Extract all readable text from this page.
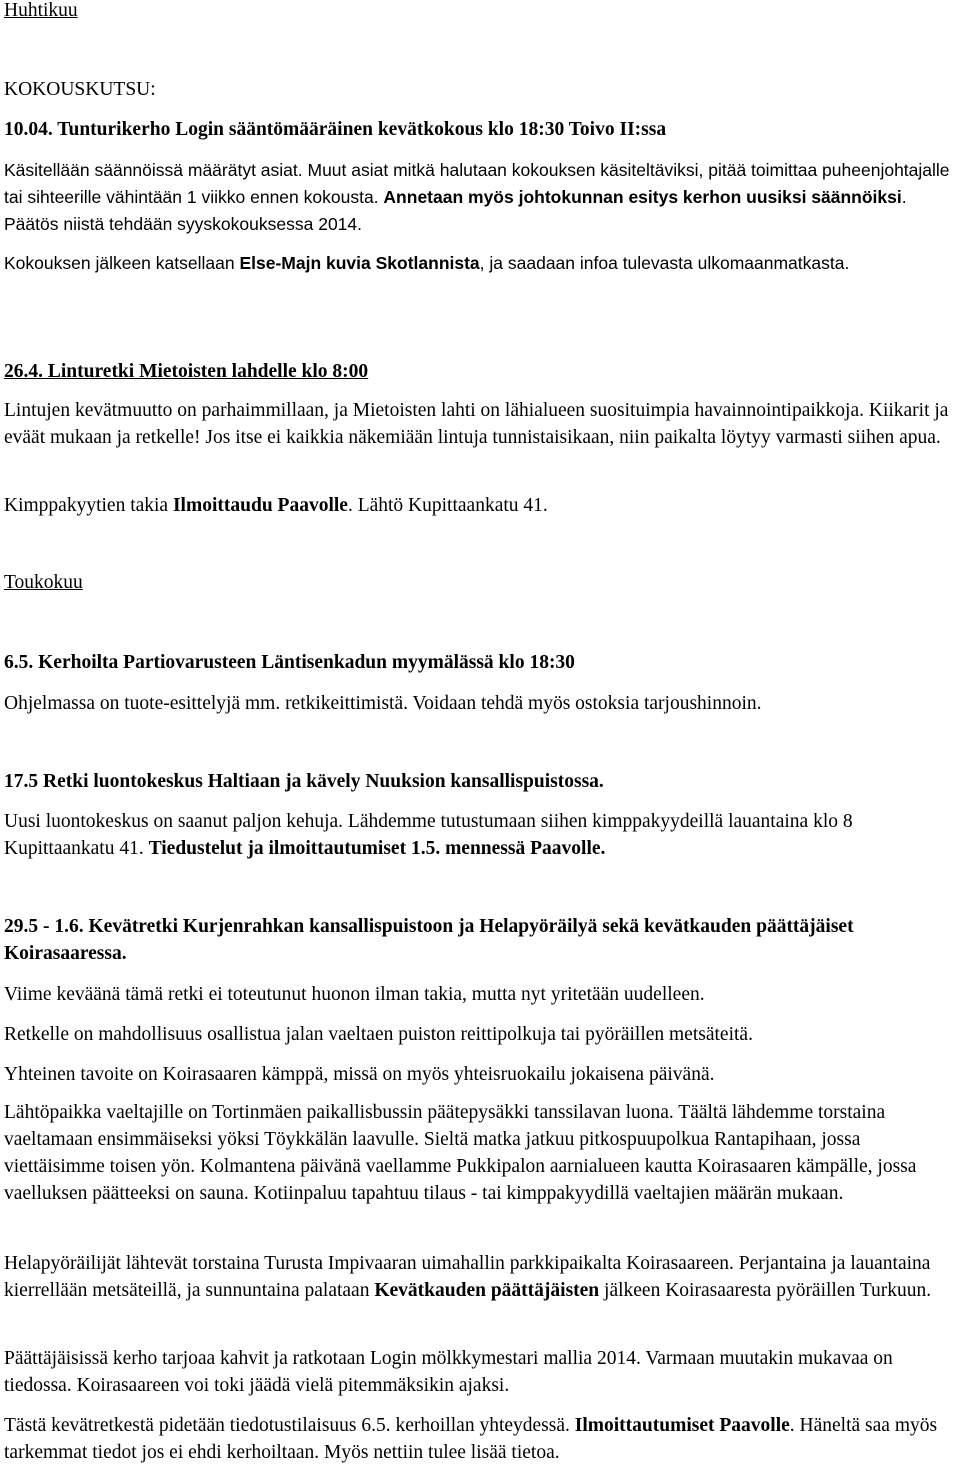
Huhtikuu

KOKOUSKUTSU:

10.04. Tunturikerho Login sääntömääräinen kevätkokous klo 18:30 Toivo II:ssa

Käsitellään säännöissä määrätyt asiat. Muut asiat mitkä halutaan kokouksen käsiteltäviksi, pitää toimittaa puheenjohtajalle tai sihteerille vähintään 1 viikko ennen kokousta. Annetaan myös johtokunnan esitys kerhon uusiksi säännöiksi. Päätös niistä tehdään syyskokouksessa 2014.

Kokouksen jälkeen katsellaan Else-Majn kuvia Skotlannista, ja saadaan infoa tulevasta ulkomaanmatkasta.

26.4. Linturetki Mietoisten lahdelle klo 8:00

Lintujen kevätmuutto on parhaimmillaan, ja Mietoisten lahti on lähialueen suosituimpia havainnointipaikkoja. Kiikarit ja eväät mukaan ja retkelle! Jos itse ei kaikkia näkemiään lintuja tunnistaisikaan, niin paikalta löytyy varmasti siihen apua.

Kimppakyytien takia Ilmoittaudu Paavolle. Lähtö Kupittaankatu 41.

Toukokuu

6.5. Kerhoilta Partiovarusteen Läntisenkadun myymälässä klo 18:30

Ohjelmassa on tuote-esittelyjä mm. retkikeittimistä. Voidaan tehdä myös ostoksia tarjoushinnoin.

17.5 Retki luontokeskus Haltiaan ja kävely Nuuksion kansallispuistossa.

Uusi luontokeskus on saanut paljon kehuja. Lähdemme tutustumaan siihen kimppakyydeillä lauantaina klo 8 Kupittaankatu 41. Tiedustelut ja ilmoittautumiset 1.5. mennessä Paavolle.

29.5 - 1.6. Kevätretki Kurjenrahkan kansallispuistoon ja Helapyöräilyä sekä kevätkauden päättäjäiset Koirasaaressa.

Viime keväänä tämä retki ei toteutunut huonon ilman takia, mutta nyt yritetään uudelleen.

Retkelle on mahdollisuus osallistua jalan vaeltaen puiston reittipolkuja tai pyöräillen metsäteitä.

Yhteinen tavoite on Koirasaaren kämppä, missä on myös yhteisruokailu jokaisena päivänä.

Lähtöpaikka vaeltajille on Tortinmäen paikallisbussin päätepysäkki tanssilavan luona. Täältä lähdemme torstaina vaeltamaan ensimmäiseksi yöksi Töykkälän laavulle. Sieltä matka jatkuu pitkospuupolkua Rantapihaan, jossa viettäisimme toisen yön. Kolmantena päivänä vaellamme Pukkipalon aarnialueen kautta Koirasaaren kämpälle, jossa vaelluksen päätteeksi on sauna. Kotiinpaluu tapahtuu tilaus - tai kimppakyydillä vaeltajien määrän mukaan.

Helapyöräilijät lähtevät torstaina Turusta Impivaaran uimahallin parkkipaikalta Koirasaareen. Perjantaina ja lauantaina kierrellään metsäteillä, ja sunnuntaina palataan Kevätkauden päättäjäisten jälkeen Koirasaaresta pyöräillen Turkuun.

Päättäjäisissä kerho tarjoaa kahvit ja ratkotaan Login mölkkymestari mallia 2014. Varmaan muutakin mukavaa on tiedossa. Koirasaareen voi toki jäädä vielä pitemmäksikin ajaksi.

Tästä kevätretkestä pidetään tiedotustilaisuus 6.5. kerhoillan yhteydessä. Ilmoittautumiset Paavolle. Häneltä saa myös tarkemmat tiedot jos ei ehdi kerhoiltaan. Myös nettiin tulee lisää tietoa.
